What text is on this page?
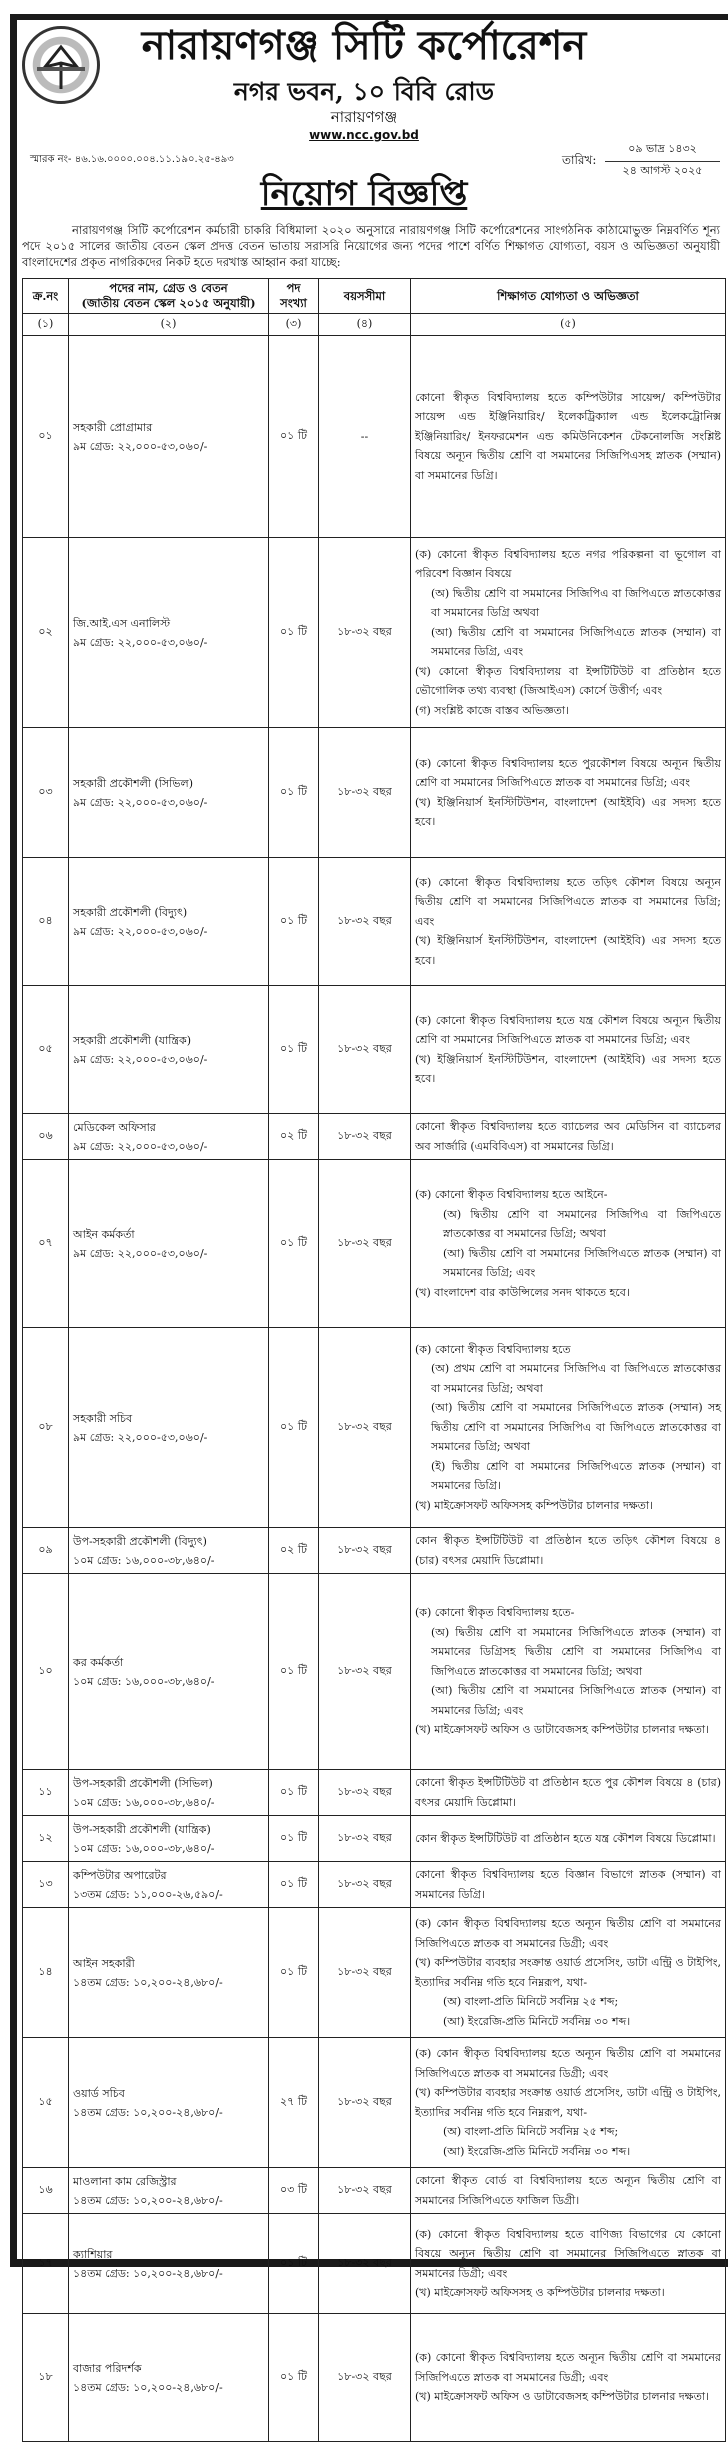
নারায়ণগঞ্জ সিটি কর্পোরেশন
নগর ভবন, ১০ বিবি রোড
নারায়ণগঞ্জ
www.ncc.gov.bd
স্মারক নং- ৪৬.১৬.০০০০.০০৪.১১.১৯০.২৫-৪৯৩	তারিখ:
০৯ ভাদ্র ১৪৩২
২৪ আগস্ট ২০২৫
নিয়োগ বিজ্ঞপ্তি
নারায়ণগঞ্জ সিটি কর্পোরেশন কর্মচারী চাকরি বিধিমালা ২০২০ অনুসারে নারায়ণগঞ্জ সিটি কর্পোরেশনের সাংগঠনিক কাঠামোভুক্ত নিম্নবর্ণিত শূন্য পদে ২০১৫ সালের জাতীয় বেতন স্কেল প্রদত্ত বেতন ভাতায় সরাসরি নিয়োগের জন্য পদের পাশে বর্ণিত শিক্ষাগত যোগ্যতা, বয়স ও অভিজ্ঞতা অনুযায়ী বাংলাদেশের প্রকৃত নাগরিকদের নিকট হতে দরখাস্ত আহ্বান করা যাচ্ছে:
ক্র.নং	পদের নাম, গ্রেড ও বেতন
(জাতীয় বেতন স্কেল ২০১৫ অনুযায়ী)	পদ সংখ্যা	বয়সসীমা	শিক্ষাগত যোগ্যতা ও অভিজ্ঞতা
(১)	(২)	(৩)	(৪)	(৫)
০১	সহকারী প্রোগ্রামার
৯ম গ্রেড: ২২,০০০-৫৩,০৬০/-	০১ টি	--	কোনো স্বীকৃত বিশ্ববিদ্যালয় হতে কম্পিউটার সায়েন্স/ কম্পিউটার সায়েন্স এন্ড ইঞ্জিনিয়ারিং/ ইলেকট্রিক্যাল এন্ড ইলেকট্রোনিক্স ইঞ্জিনিয়ারিং/ ইনফরমেশন এন্ড কমিউনিকেশন টেকনোলজি সংশ্লিষ্ট বিষয়ে অন্যূন দ্বিতীয় শ্রেণি বা সমমানের সিজিপিএসহ স্নাতক (সম্মান) বা সমমানের ডিগ্রি।

০২	জি.আই.এস এনালিস্ট
৯ম গ্রেড: ২২,০০০-৫৩,০৬০/-	০১ টি	১৮-৩২ বছর	(ক) কোনো স্বীকৃত বিশ্ববিদ্যালয় হতে নগর পরিকল্পনা বা ভূগোল বা পরিবেশ বিজ্ঞান বিষয়ে
(অ) দ্বিতীয় শ্রেণি বা সমমানের সিজিপিএ বা জিপিএতে স্নাতকোত্তর বা সমমানের ডিগ্রি অথবা
(আ) দ্বিতীয় শ্রেণি বা সমমানের সিজিপিএতে স্নাতক (সম্মান) বা সমমানের ডিগ্রি, এবং
(খ) কোনো স্বীকৃত বিশ্ববিদ্যালয় বা ইন্সটিটিউট বা প্রতিষ্ঠান হতে ভৌগোলিক তথ্য ব্যবস্থা (জিআইএস) কোর্সে উত্তীর্ণ; এবং
(গ) সংশ্লিষ্ট কাজে বাস্তব অভিজ্ঞতা।

০৩	সহকারী প্রকৌশলী (সিভিল)
৯ম গ্রেড: ২২,০০০-৫৩,০৬০/-	০১ টি	১৮-৩২ বছর	(ক) কোনো স্বীকৃত বিশ্ববিদ্যালয় হতে পুরকৌশল বিষয়ে অন্যূন দ্বিতীয় শ্রেণি বা সমমানের সিজিপিএতে স্নাতক বা সমমানের ডিগ্রি; এবং
(খ) ইঞ্জিনিয়ার্স ইনস্টিটিউশন, বাংলাদেশ (আইইবি) এর সদস্য হতে হবে।

০৪	সহকারী প্রকৌশলী (বিদ্যুৎ)
৯ম গ্রেড: ২২,০০০-৫৩,০৬০/-	০১ টি	১৮-৩২ বছর	(ক) কোনো স্বীকৃত বিশ্ববিদ্যালয় হতে তড়িৎ কৌশল বিষয়ে অন্যূন দ্বিতীয় শ্রেণি বা সমমানের সিজিপিএতে স্নাতক বা সমমানের ডিগ্রি; এবং
(খ) ইঞ্জিনিয়ার্স ইনস্টিটিউশন, বাংলাদেশ (আইইবি) এর সদস্য হতে হবে।

০৫	সহকারী প্রকৌশলী (যান্ত্রিক)
৯ম গ্রেড: ২২,০০০-৫৩,০৬০/-	০১ টি	১৮-৩২ বছর	(ক) কোনো স্বীকৃত বিশ্ববিদ্যালয় হতে যন্ত্র কৌশল বিষয়ে অন্যূন দ্বিতীয় শ্রেণি বা সমমানের সিজিপিএতে স্নাতক বা সমমানের ডিগ্রি; এবং
(খ) ইঞ্জিনিয়ার্স ইনস্টিটিউশন, বাংলাদেশ (আইইবি) এর সদস্য হতে হবে।

০৬	মেডিকেল অফিসার
৯ম গ্রেড: ২২,০০০-৫৩,০৬০/-	০২ টি	১৮-৩২ বছর	কোনো স্বীকৃত বিশ্ববিদ্যালয় হতে ব্যাচেলর অব মেডিসিন বা ব্যাচেলর অব সার্জারি (এমবিবিএস) বা সমমানের ডিগ্রি।

০৭	আইন কর্মকর্তা
৯ম গ্রেড: ২২,০০০-৫৩,০৬০/-	০১ টি	১৮-৩২ বছর	(ক) কোনো স্বীকৃত বিশ্ববিদ্যালয় হতে আইনে-
(অ) দ্বিতীয় শ্রেণি বা সমমানের সিজিপিএ বা জিপিএতে স্নাতকোত্তর বা সমমানের ডিগ্রি; অথবা
(আ) দ্বিতীয় শ্রেণি বা সমমানের সিজিপিএতে স্নাতক (সম্মান) বা সমমানের ডিগ্রি; এবং
(খ) বাংলাদেশ বার কাউন্সিলের সনদ থাকতে হবে।

০৮	সহকারী সচিব
৯ম গ্রেড: ২২,০০০-৫৩,০৬০/-	০১ টি	১৮-৩২ বছর	(ক) কোনো স্বীকৃত বিশ্ববিদ্যালয় হতে
(অ) প্রথম শ্রেণি বা সমমানের সিজিপিএ বা জিপিএতে স্নাতকোত্তর বা সমমানের ডিগ্রি; অথবা
(আ) দ্বিতীয় শ্রেণি বা সমমানের সিজিপিএতে স্নাতক (সম্মান) সহ দ্বিতীয় শ্রেণি বা সমমানের সিজিপিএ বা জিপিএতে স্নাতকোত্তর বা সমমানের ডিগ্রি; অথবা
(ই) দ্বিতীয় শ্রেণি বা সমমানের সিজিপিএতে স্নাতক (সম্মান) বা সমমানের ডিগ্রি।
(খ) মাইক্রোসফট অফিসসহ কম্পিউটার চালনার দক্ষতা।

০৯	উপ-সহকারী প্রকৌশলী (বিদ্যুৎ)
১০ম গ্রেড: ১৬,০০০-৩৮,৬৪০/-	০২ টি	১৮-৩২ বছর	কোন স্বীকৃত ইন্সটিটিউট বা প্রতিষ্ঠান হতে তড়িৎ কৌশল বিষয়ে ৪ (চার) বৎসর মেয়াদি ডিপ্লোমা।

১০	কর কর্মকর্তা
১০ম গ্রেড: ১৬,০০০-৩৮,৬৪০/-	০১ টি	১৮-৩২ বছর	(ক) কোনো স্বীকৃত বিশ্ববিদ্যালয় হতে-
(অ) দ্বিতীয় শ্রেণি বা সমমানের সিজিপিএতে স্নাতক (সম্মান) বা সমমানের ডিগ্রিসহ দ্বিতীয় শ্রেণি বা সমমানের সিজিপিএ বা জিপিএতে স্নাতকোত্তর বা সমমানের ডিগ্রি; অথবা
(আ) দ্বিতীয় শ্রেণি বা সমমানের সিজিপিএতে স্নাতক (সম্মান) বা সমমানের ডিগ্রি; এবং
(খ) মাইক্রোসফট অফিস ও ডাটাবেজসহ কম্পিউটার চালনার দক্ষতা।

১১	উপ-সহকারী প্রকৌশলী (সিভিল)
১০ম গ্রেড: ১৬,০০০-৩৮,৬৪০/-	০১ টি	১৮-৩২ বছর	কোনো স্বীকৃত ইন্সটিটিউট বা প্রতিষ্ঠান হতে পুর কৌশল বিষয়ে ৪ (চার) বৎসর মেয়াদি ডিপ্লোমা।

১২	উপ-সহকারী প্রকৌশলী (যান্ত্রিক)
১০ম গ্রেড: ১৬,০০০-৩৮,৬৪০/-	০১ টি	১৮-৩২ বছর	কোন স্বীকৃত ইন্সটিটিউট বা প্রতিষ্ঠান হতে যন্ত্র কৌশল বিষয়ে ডিপ্লোমা।

১৩	কম্পিউটার অপারেটর
১৩তম গ্রেড: ১১,০০০-২৬,৫৯০/-	০১ টি	১৮-৩২ বছর	কোনো স্বীকৃত বিশ্ববিদ্যালয় হতে বিজ্ঞান বিভাগে স্নাতক (সম্মান) বা সমমানের ডিগ্রি।

১৪	আইন সহকারী
১৪তম গ্রেড: ১০,২০০-২৪,৬৮০/-	০১ টি	১৮-৩২ বছর	(ক) কোন স্বীকৃত বিশ্ববিদ্যালয় হতে অন্যূন দ্বিতীয় শ্রেণি বা সমমানের সিজিপিএতে স্নাতক বা সমমানের ডিগ্রী; এবং
(খ) কম্পিউটার ব্যবহার সংক্রান্ত ওয়ার্ড প্রসেসিং, ডাটা এন্ট্রি ও টাইপিং, ইত্যাদির সর্বনিম্ন গতি হবে নিম্নরূপ, যথা-
(অ) বাংলা-প্রতি মিনিটে সর্বনিম্ন ২৫ শব্দ;
(আ) ইংরেজি-প্রতি মিনিটে সর্বনিম্ন ৩০ শব্দ।

১৫	ওয়ার্ড সচিব
১৪তম গ্রেড: ১০,২০০-২৪,৬৮০/-	২৭ টি	১৮-৩২ বছর	(ক) কোন স্বীকৃত বিশ্ববিদ্যালয় হতে অন্যূন দ্বিতীয় শ্রেণি বা সমমানের সিজিপিএতে স্নাতক বা সমমানের ডিগ্রী; এবং
(খ) কম্পিউটার ব্যবহার সংক্রান্ত ওয়ার্ড প্রসেসিং, ডাটা এন্ট্রি ও টাইপিং, ইত্যাদির সর্বনিম্ন গতি হবে নিম্নরূপ, যথা-
(অ) বাংলা-প্রতি মিনিটে সর্বনিম্ন ২৫ শব্দ;
(আ) ইংরেজি-প্রতি মিনিটে সর্বনিম্ন ৩০ শব্দ।

১৬	মাওলানা কাম রেজিস্ট্রার
১৪তম গ্রেড: ১০,২০০-২৪,৬৮০/-	০৩ টি	১৮-৩২ বছর	কোনো স্বীকৃত বোর্ড বা বিশ্ববিদ্যালয় হতে অন্যূন দ্বিতীয় শ্রেণি বা সমমানের সিজিপিএতে ফাজিল ডিগ্রী।

১৭	ক্যাশিয়ার
১৪তম গ্রেড: ১০,২০০-২৪,৬৮০/-	০১ টি	১৮-৩২ বছর	(ক) কোনো স্বীকৃত বিশ্ববিদ্যালয় হতে বাণিজ্য বিভাগের যে কোনো বিষয়ে অন্যূন দ্বিতীয় শ্রেণি বা সমমানের সিজিপিএতে স্নাতক বা সমমানের ডিগ্রী; এবং
(খ) মাইক্রোসফট অফিসসহ ও কম্পিউটার চালনার দক্ষতা।

১৮	বাজার পরিদর্শক
১৪তম গ্রেড: ১০,২০০-২৪,৬৮০/-	০১ টি	১৮-৩২ বছর	(ক) কোনো স্বীকৃত বিশ্ববিদ্যালয় হতে অন্যূন দ্বিতীয় শ্রেণি বা সমমানের সিজিপিএতে স্নাতক বা সমমানের ডিগ্রী; এবং
(খ) মাইক্রোসফট অফিস ও ডাটাবেজসহ কম্পিউটার চালনার দক্ষতা।
